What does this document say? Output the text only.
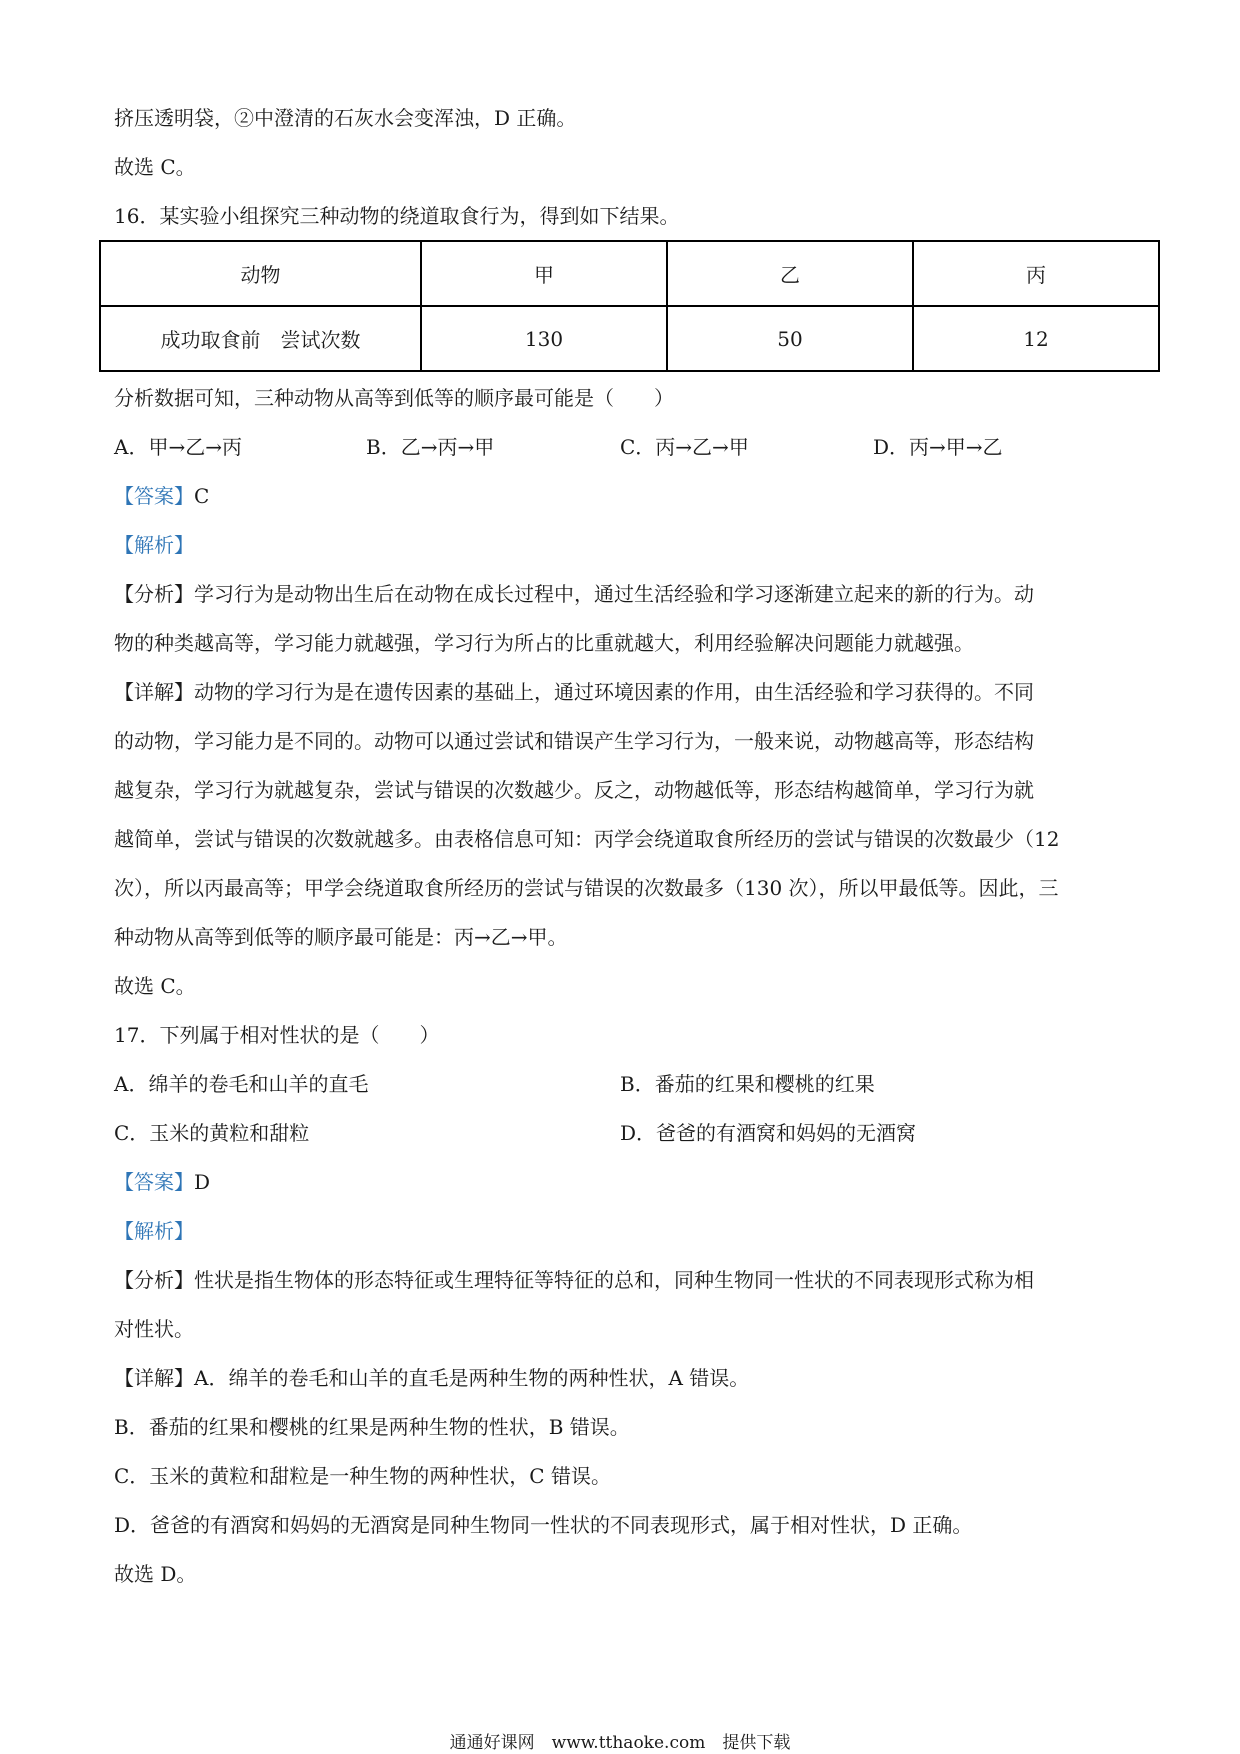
挤压透明袋，②中澄清的石灰水会变浑浊，D 正确。
故选 C。
16．某实验小组探究三种动物的绕道取食行为，得到如下结果。
动物	甲	乙	丙
成功取食前　尝试次数	130	50	12
分析数据可知，三种动物从高等到低等的顺序最可能是（　　）
A．甲→乙→丙	B．乙→丙→甲	C．丙→乙→甲	D．丙→甲→乙
【答案】C
【解析】
【分析】学习行为是动物出生后在动物在成长过程中，通过生活经验和学习逐渐建立起来的新的行为。动
物的种类越高等，学习能力就越强，学习行为所占的比重就越大，利用经验解决问题能力就越强。
【详解】动物的学习行为是在遗传因素的基础上，通过环境因素的作用，由生活经验和学习获得的。不同
的动物，学习能力是不同的。动物可以通过尝试和错误产生学习行为，一般来说，动物越高等，形态结构
越复杂，学习行为就越复杂，尝试与错误的次数越少。反之，动物越低等，形态结构越简单，学习行为就
越简单，尝试与错误的次数就越多。由表格信息可知：丙学会绕道取食所经历的尝试与错误的次数最少（12
次），所以丙最高等；甲学会绕道取食所经历的尝试与错误的次数最多（130 次），所以甲最低等。因此，三
种动物从高等到低等的顺序最可能是：丙→乙→甲。
故选 C。
17．下列属于相对性状的是（　　）
A．绵羊的卷毛和山羊的直毛	B．番茄的红果和樱桃的红果
C．玉米的黄粒和甜粒	D．爸爸的有酒窝和妈妈的无酒窝
【答案】D
【解析】
【分析】性状是指生物体的形态特征或生理特征等特征的总和，同种生物同一性状的不同表现形式称为相
对性状。
【详解】A．绵羊的卷毛和山羊的直毛是两种生物的两种性状，A 错误。
B．番茄的红果和樱桃的红果是两种生物的性状，B 错误。
C．玉米的黄粒和甜粒是一种生物的两种性状，C 错误。
D．爸爸的有酒窝和妈妈的无酒窝是同种生物同一性状的不同表现形式，属于相对性状，D 正确。
故选 D。
通通好课网　www.tthaoke.com　提供下载
